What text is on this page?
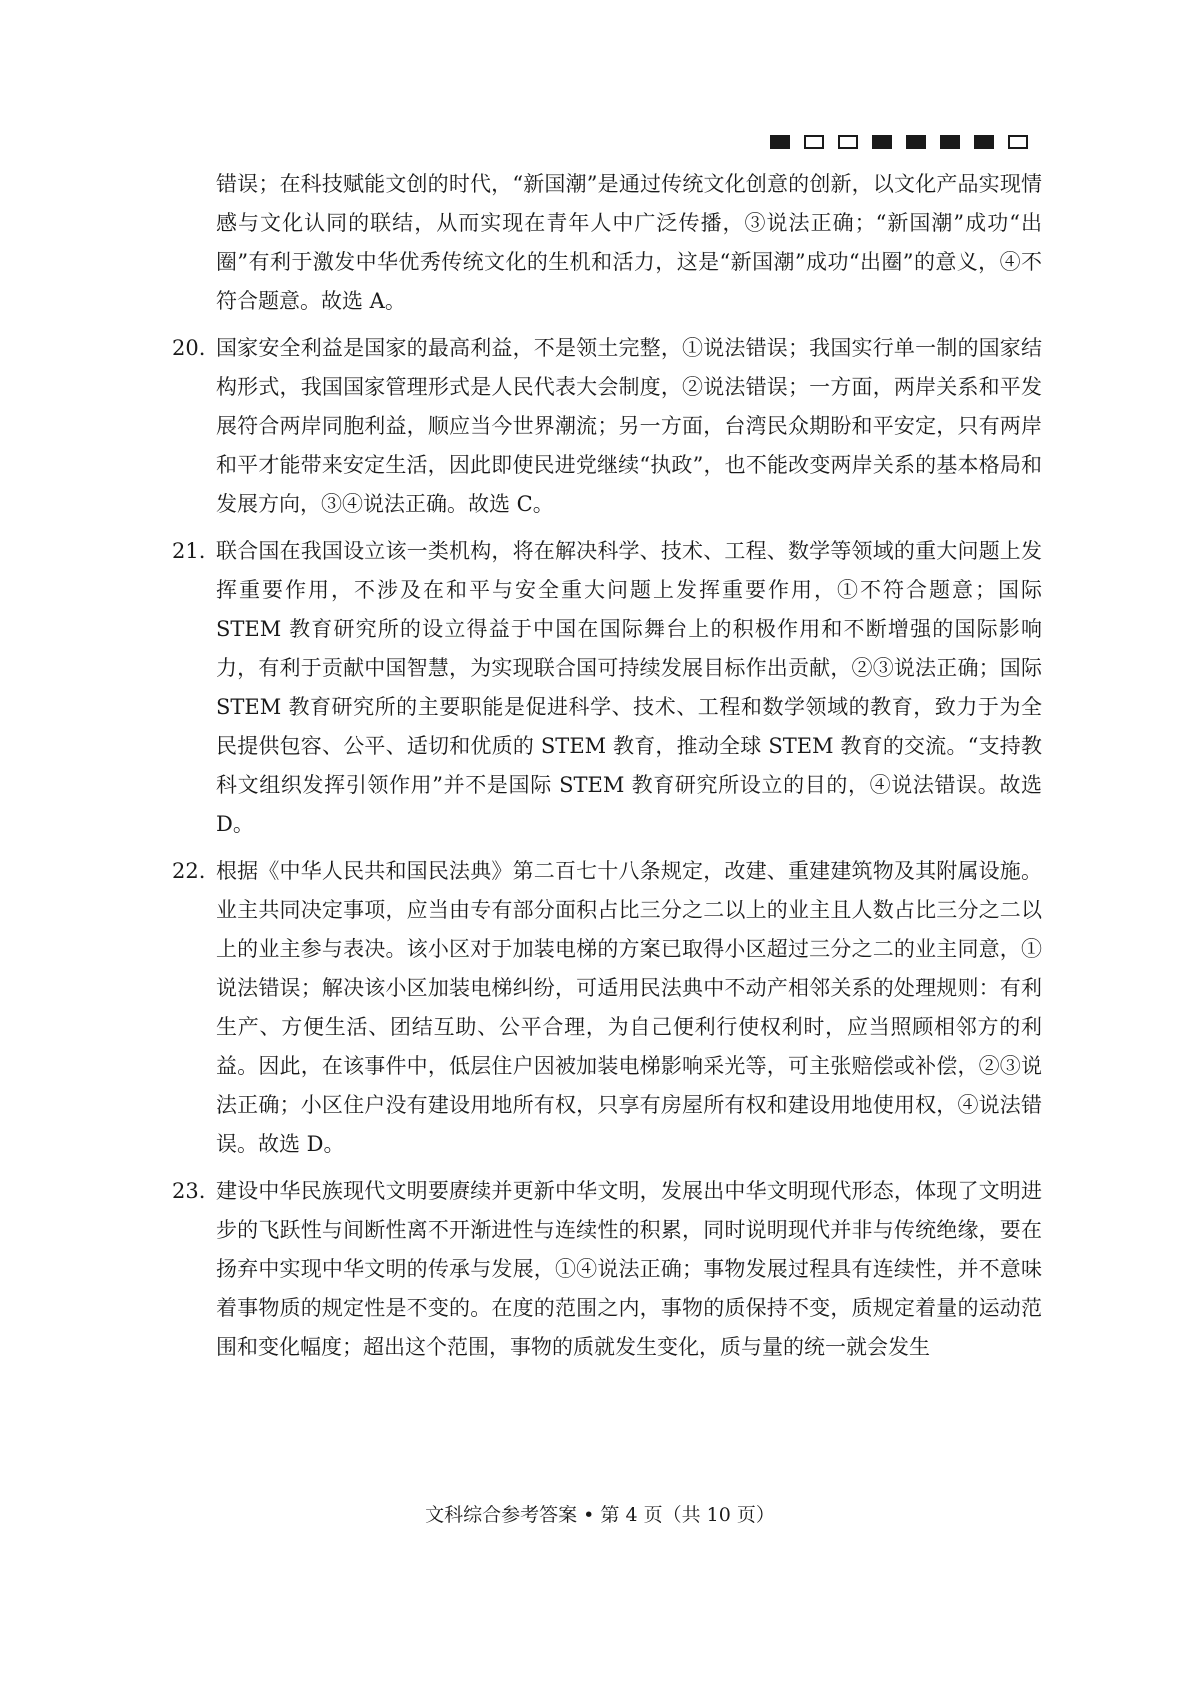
错误；在科技赋能文创的时代，“新国潮”是通过传统文化创意的创新，以文化产品实现情感与文化认同的联结，从而实现在青年人中广泛传播，③说法正确；“新国潮”成功“出圈”有利于激发中华优秀传统文化的生机和活力，这是“新国潮”成功“出圈”的意义，④不符合题意。故选 A。
20. 国家安全利益是国家的最高利益，不是领土完整，①说法错误；我国实行单一制的国家结构形式，我国国家管理形式是人民代表大会制度，②说法错误；一方面，两岸关系和平发展符合两岸同胞利益，顺应当今世界潮流；另一方面，台湾民众期盼和平安定，只有两岸和平才能带来安定生活，因此即使民进党继续“执政”，也不能改变两岸关系的基本格局和发展方向，③④说法正确。故选 C。
21. 联合国在我国设立该一类机构，将在解决科学、技术、工程、数学等领域的重大问题上发挥重要作用，不涉及在和平与安全重大问题上发挥重要作用，①不符合题意；国际 STEM 教育研究所的设立得益于中国在国际舞台上的积极作用和不断增强的国际影响力，有利于贡献中国智慧，为实现联合国可持续发展目标作出贡献，②③说法正确；国际 STEM 教育研究所的主要职能是促进科学、技术、工程和数学领域的教育，致力于为全民提供包容、公平、适切和优质的 STEM 教育，推动全球 STEM 教育的交流。“支持教科文组织发挥引领作用”并不是国际 STEM 教育研究所设立的目的，④说法错误。故选 D。
22. 根据《中华人民共和国民法典》第二百七十八条规定，改建、重建建筑物及其附属设施。业主共同决定事项，应当由专有部分面积占比三分之二以上的业主且人数占比三分之二以上的业主参与表决。该小区对于加装电梯的方案已取得小区超过三分之二的业主同意，①说法错误；解决该小区加装电梯纠纷，可适用民法典中不动产相邻关系的处理规则：有利生产、方便生活、团结互助、公平合理，为自己便利行使权利时，应当照顾相邻方的利益。因此，在该事件中，低层住户因被加装电梯影响采光等，可主张赔偿或补偿，②③说法正确；小区住户没有建设用地所有权，只享有房屋所有权和建设用地使用权，④说法错误。故选 D。
23. 建设中华民族现代文明要赓续并更新中华文明，发展出中华文明现代形态，体现了文明进步的飞跃性与间断性离不开渐进性与连续性的积累，同时说明现代并非与传统绝缘，要在扬弃中实现中华文明的传承与发展，①④说法正确；事物发展过程具有连续性，并不意味着事物质的规定性是不变的。在度的范围之内，事物的质保持不变，质规定着量的运动范围和变化幅度；超出这个范围，事物的质就发生变化，质与量的统一就会发生
文科综合参考答案 • 第 4 页（共 10 页）
